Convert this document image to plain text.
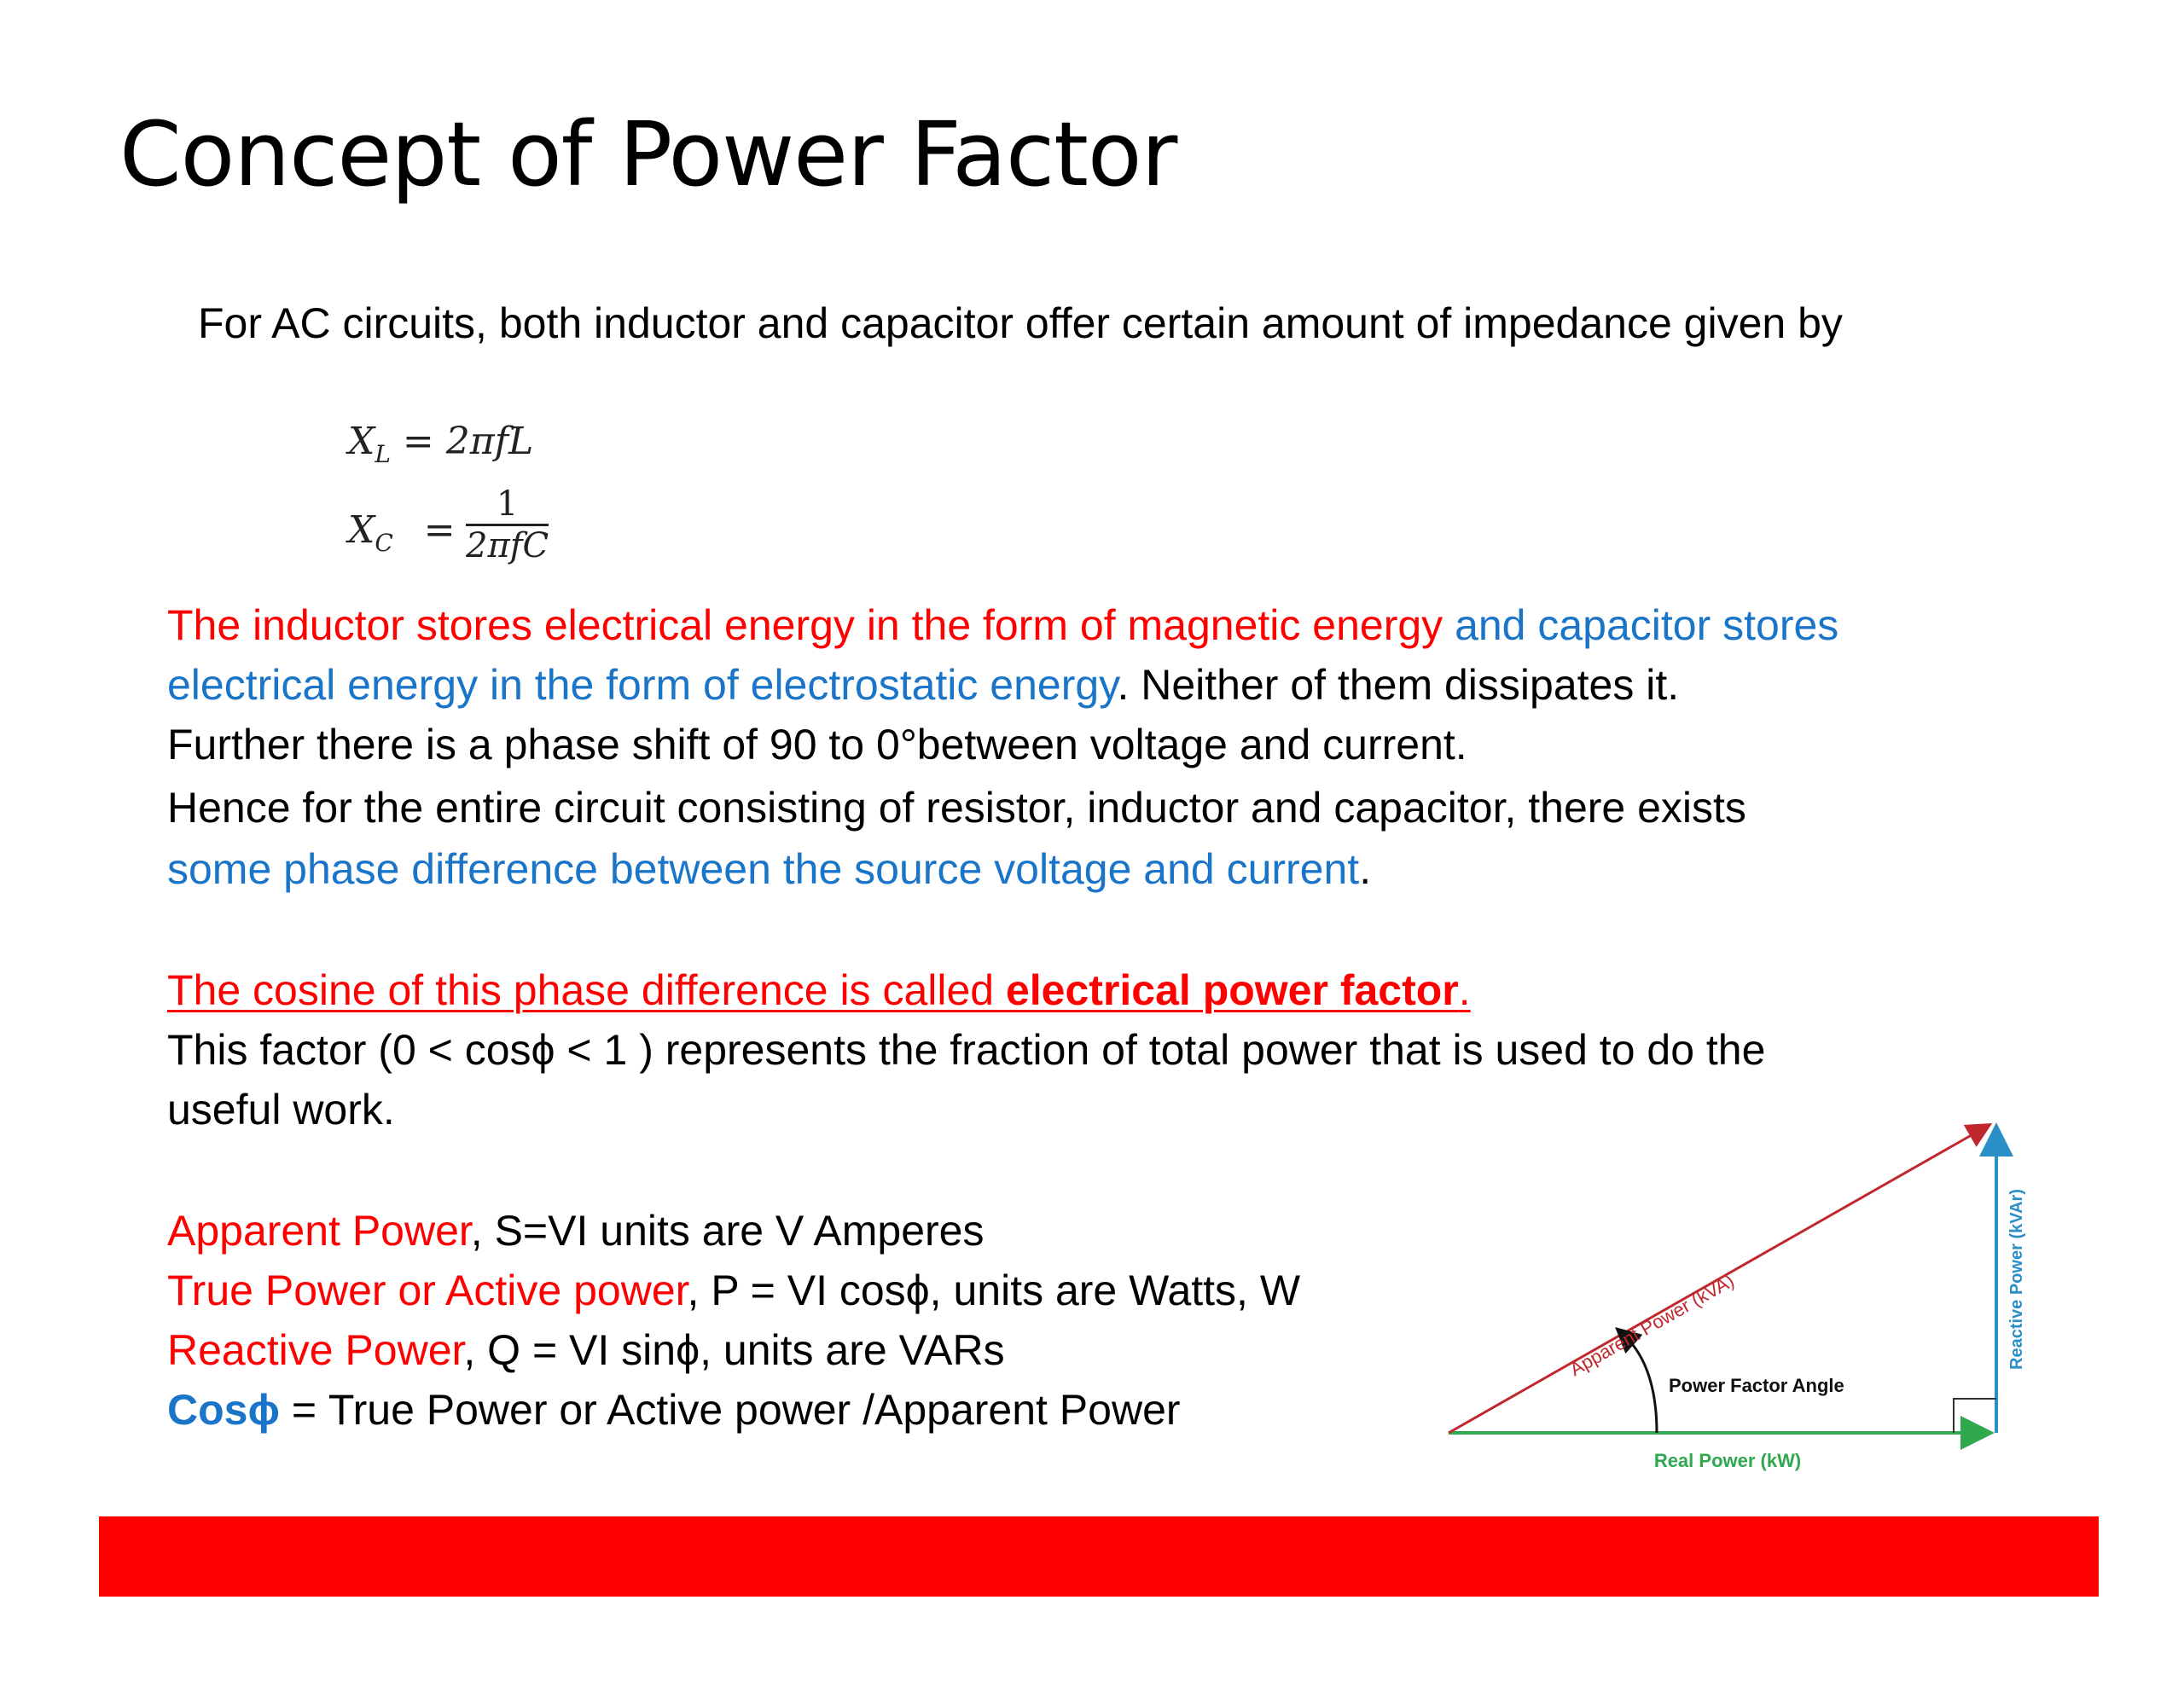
Concept of Power Factor
For AC circuits, both inductor and capacitor offer certain amount of impedance given by
$X_L = 2\pi fL$
$X_C$ =
1
2πfC
The inductor stores electrical energy in the form of magnetic energy and capacitor stores
electrical energy in the form of electrostatic energy. Neither of them dissipates it.
Further there is a phase shift of 90 to 0°between voltage and current.
Hence for the entire circuit consisting of resistor, inductor and capacitor, there exists
some phase difference between the source voltage and current.
The cosine of this phase difference is called electrical power factor.
This factor (0 < cosϕ < 1 ) represents the fraction of total power that is used to do the
useful work.
Apparent Power, S=VI units are V Amperes
True Power or Active power, P = VI cosϕ, units are Watts, W
Reactive Power, Q = VI sinϕ, units are VARs
Cosϕ = True Power or Active power /Apparent Power
Apparent Power (kVA)	Reactive Power (kVAr)
Real Power (kW)
Power Factor Angle
